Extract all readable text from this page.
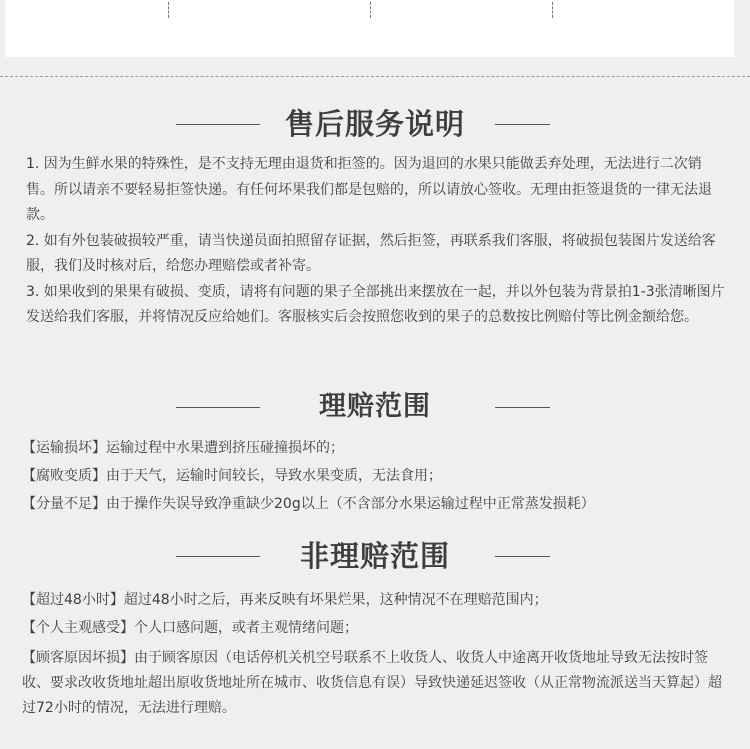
售后服务说明

1. 因为生鲜水果的特殊性，是不支持无理由退货和拒签的。因为退回的水果只能做丢弃处理，无法进行二次销售。所以请亲不要轻易拒签快递。有任何坏果我们都是包赔的，所以请放心签收。无理由拒签退货的一律无法退款。

2. 如有外包装破损较严重，请当快递员面拍照留存证据，然后拒签，再联系我们客服，将破损包装图片发送给客服，我们及时核对后，给您办理赔偿或者补寄。

3. 如果收到的果果有破损、变质，请将有问题的果子全部挑出来摆放在一起，并以外包装为背景拍1-3张清晰图片发送给我们客服，并将情况反应给她们。客服核实后会按照您收到的果子的总数按比例赔付等比例金额给您。

理赔范围
【运输损坏】运输过程中水果遭到挤压碰撞损坏的；
【腐败变质】由于天气，运输时间较长，导致水果变质，无法食用；
【分量不足】由于操作失误导致净重缺少20g以上（不含部分水果运输过程中正常蒸发损耗）
非理赔范围
【超过48小时】超过48小时之后，再来反映有坏果烂果，这种情况不在理赔范围内；
【个人主观感受】个人口感问题，或者主观情绪问题；
【顾客原因坏损】由于顾客原因（电话停机关机空号联系不上收货人、收货人中途离开收货地址导致无法按时签收、要求改收货地址超出原收货地址所在城市、收货信息有误）导致快递延迟签收（从正常物流派送当天算起）超过72小时的情况，无法进行理赔。
